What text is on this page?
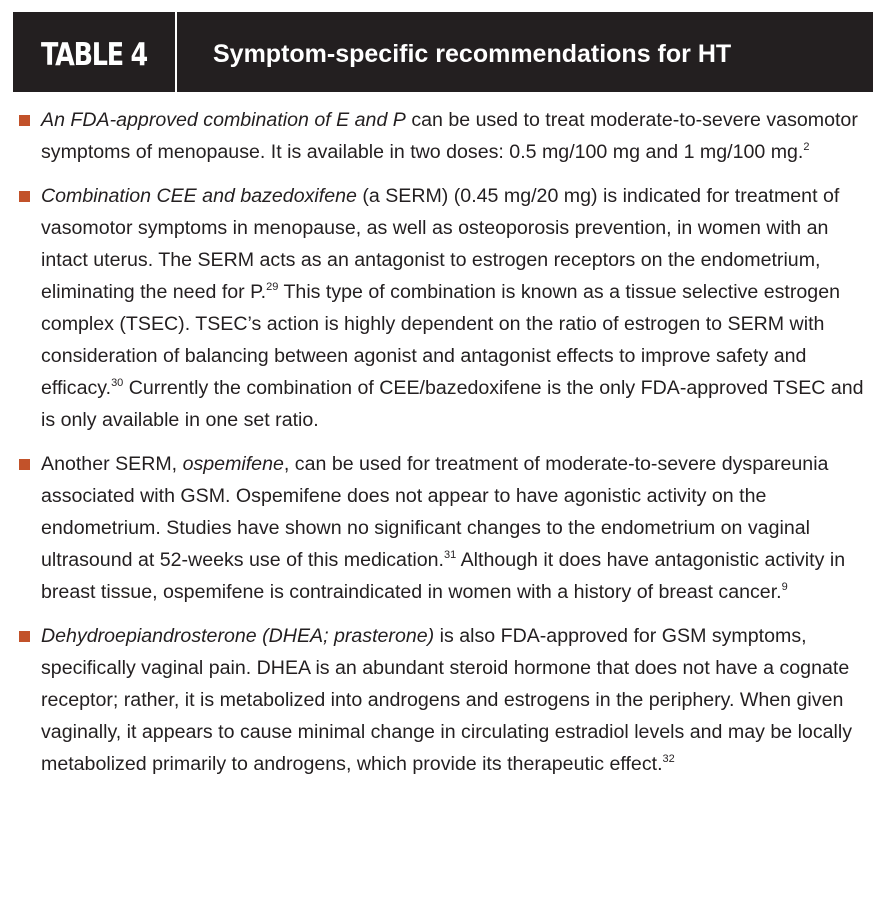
TABLE 4	Symptom-specific recommendations for HT
An FDA-approved combination of E and P can be used to treat moderate-to-severe vasomotor symptoms of menopause. It is available in two doses: 0.5 mg/100 mg and 1 mg/100 mg.$^2$
Combination CEE and bazedoxifene (a SERM) (0.45 mg/20 mg) is indicated for treatment of vasomotor symptoms in menopause, as well as osteoporosis prevention, in women with an intact uterus. The SERM acts as an antagonist to estrogen receptors on the endometrium, eliminating the need for P.$^{29}$ This type of combination is known as a tissue selective estrogen complex (TSEC). TSEC’s action is highly dependent on the ratio of estrogen to SERM with consideration of balancing between agonist and antagonist effects to improve safety and efficacy.$^{30}$ Currently the combination of CEE/bazedoxifene is the only FDA-approved TSEC and is only available in one set ratio.
Another SERM, ospemifene, can be used for treatment of moderate-to-severe dyspareunia associated with GSM. Ospemifene does not appear to have agonistic activity on the endometrium. Studies have shown no significant changes to the endometrium on vaginal ultrasound at 52-weeks use of this medication.$^{31}$ Although it does have antagonistic activity in breast tissue, ospemifene is contraindicated in women with a history of breast cancer.$^9$
Dehydroepiandrosterone (DHEA; prasterone) is also FDA-approved for GSM symptoms, specifically vaginal pain. DHEA is an abundant steroid hormone that does not have a cognate receptor; rather, it is metabolized into androgens and estrogens in the periphery. When given vaginally, it appears to cause minimal change in circulating estradiol levels and may be locally metabolized primarily to androgens, which provide its therapeutic effect.$^{32}$
